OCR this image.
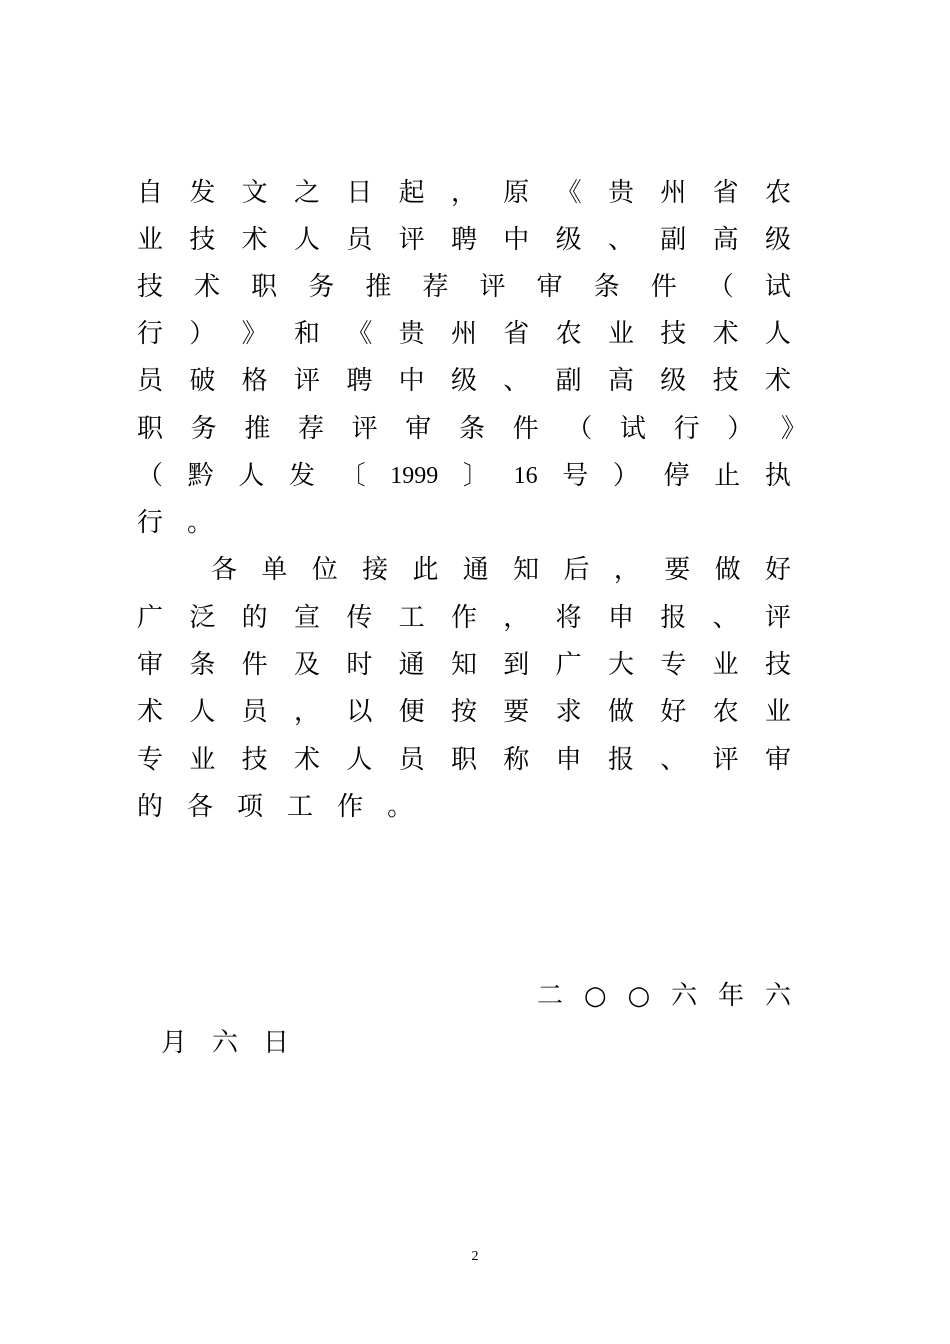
自 发 文 之 日 起 ， 原 《 贵 州 省 农
业 技 术 人 员 评 聘 中 级 、 副 高 级
技 术 职 务 推 荐 评 审 条 件 （ 试
行 ） 》 和 《 贵 州 省 农 业 技 术 人
员 破 格 评 聘 中 级 、 副 高 级 技 术
职 务 推 荐 评 审 条 件 （ 试 行 ） 》
（ 黔 人 发 〔 1999 〕 16 号 ） 停 止 执
行 。
各 单 位 接 此 通 知 后 ， 要 做 好
广 泛 的 宣 传 工 作 ， 将 申 报 、 评
审 条 件 及 时 通 知 到 广 大 专 业 技
术 人 员 ， 以 便 按 要 求 做 好 农 业
专 业 技 术 人 员 职 称 申 报 、 评 审
的 各 项 工 作 。
二 ○ ○ 六 年 六
月 六 日
2
